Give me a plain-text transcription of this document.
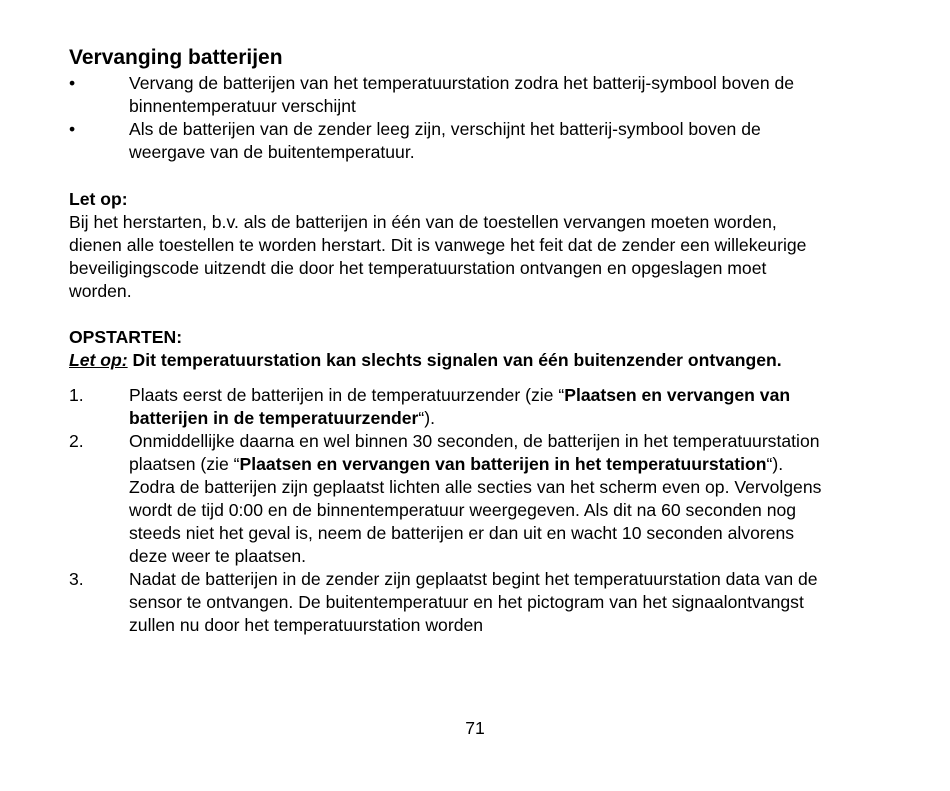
Vervanging batterijen
•	Vervang de batterijen van het temperatuurstation zodra het batterij-symbool boven de binnentemperatuur verschijnt
•	Als de batterijen van de zender leeg zijn, verschijnt het batterij-symbool boven de weergave van de buitentemperatuur.

Let op:

Bij het herstarten, b.v. als de batterijen in één van de toestellen vervangen moeten worden, dienen alle toestellen te worden herstart. Dit is vanwege het feit dat de zender een willekeurige beveiligingscode uitzendt die door het temperatuurstation ontvangen en opgeslagen moet worden.

OPSTARTEN:

Let op: Dit temperatuurstation kan slechts signalen van één buitenzender ontvangen.

1.	Plaats eerst de batterijen in de temperatuurzender (zie “Plaatsen en vervangen van batterijen in de temperatuurzender“).
2.	Onmiddellijke daarna en wel binnen 30 seconden, de batterijen in het temperatuurstation plaatsen (zie “Plaatsen en vervangen van batterijen in het temperatuurstation“). Zodra de batterijen zijn geplaatst lichten alle secties van het scherm even op. Vervolgens wordt de tijd 0:00 en de binnentemperatuur weergegeven. Als dit na 60 seconden nog steeds niet het geval is, neem de batterijen er dan uit en wacht 10 seconden alvorens deze weer te plaatsen.
3.	Nadat de batterijen in de zender zijn geplaatst begint het temperatuurstation data van de sensor te ontvangen. De buitentemperatuur en het pictogram van het signaalontvangst zullen nu door het temperatuurstation worden
71
